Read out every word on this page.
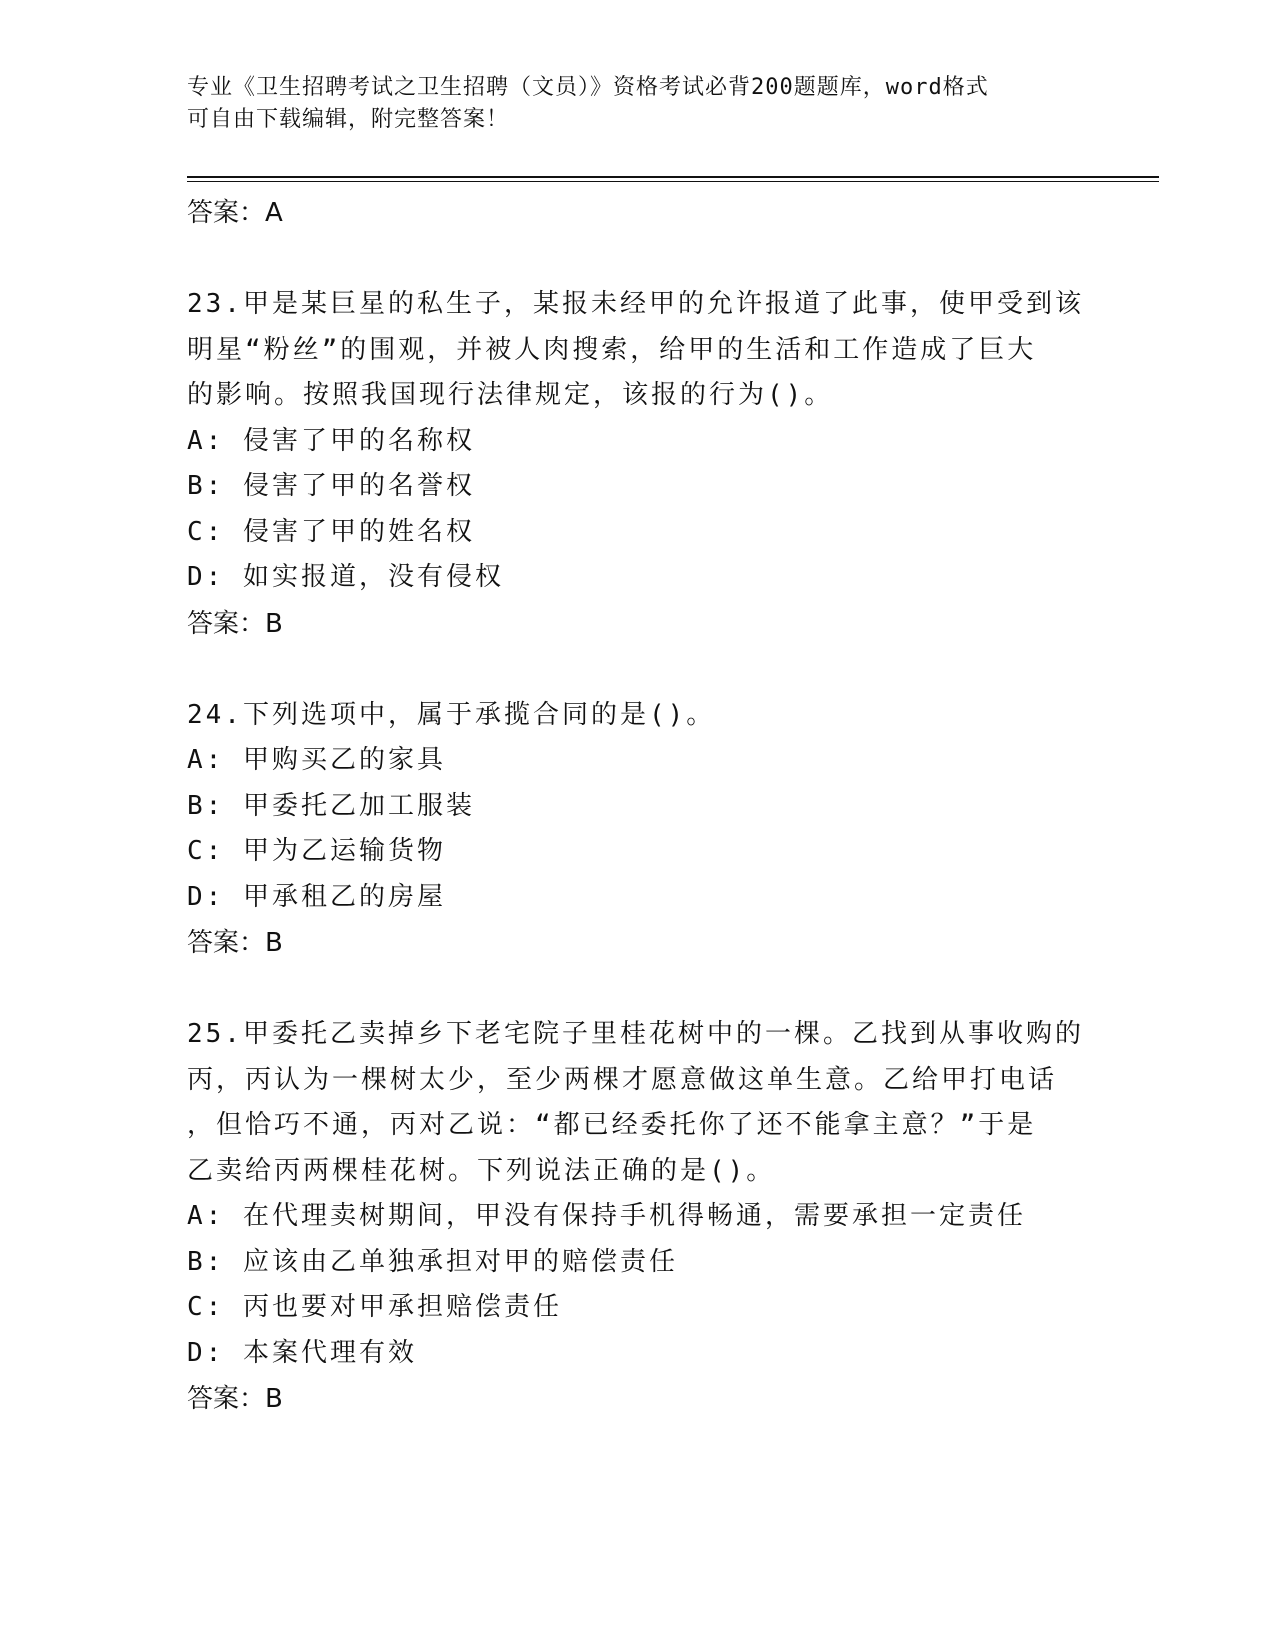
专业《卫生招聘考试之卫生招聘（文员）》资格考试必背200题题库，word格式
可自由下载编辑，附完整答案！
答案：A
23.甲是某巨星的私生子，某报未经甲的允许报道了此事，使甲受到该
明星“粉丝”的围观，并被人肉搜索，给甲的生活和工作造成了巨大
的影响。按照我国现行法律规定，该报的行为()。
A: 侵害了甲的名称权
B: 侵害了甲的名誉权
C: 侵害了甲的姓名权
D: 如实报道，没有侵权
答案：B
24.下列选项中，属于承揽合同的是()。
A: 甲购买乙的家具
B: 甲委托乙加工服装
C: 甲为乙运输货物
D: 甲承租乙的房屋
答案：B
25.甲委托乙卖掉乡下老宅院子里桂花树中的一棵。乙找到从事收购的
丙，丙认为一棵树太少，至少两棵才愿意做这单生意。乙给甲打电话
，但恰巧不通，丙对乙说：“都已经委托你了还不能拿主意？”于是
乙卖给丙两棵桂花树。下列说法正确的是()。
A: 在代理卖树期间，甲没有保持手机得畅通，需要承担一定责任
B: 应该由乙单独承担对甲的赔偿责任
C: 丙也要对甲承担赔偿责任
D: 本案代理有效
答案：B
